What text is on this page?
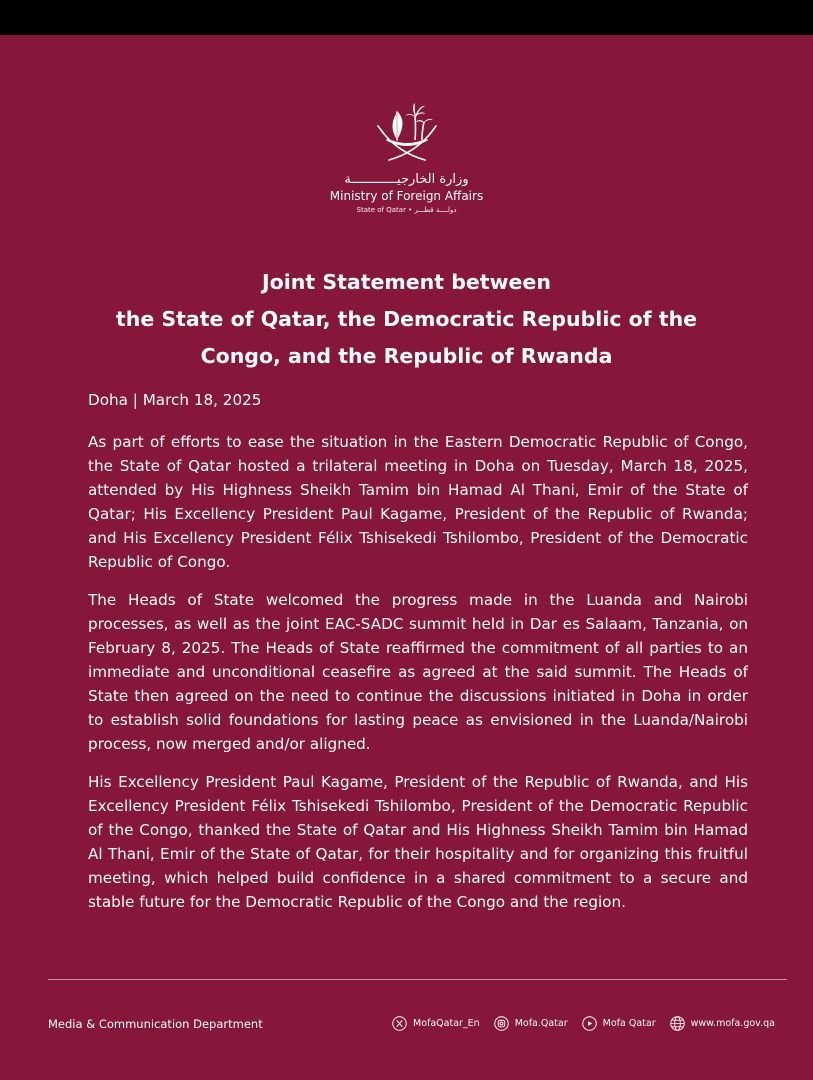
وزارة الخارجيــــــــــــة
Ministry of Foreign Affairs
State of Qatar • دولــــة قطـــر
Joint Statement between
the State of Qatar, the Democratic Republic of the
Congo, and the Republic of Rwanda

Doha | March 18, 2025

As part of efforts to ease the situation in the Eastern Democratic Republic of Congo, the State of Qatar hosted a trilateral meeting in Doha on Tuesday, March 18, 2025, attended by His Highness Sheikh Tamim bin Hamad Al Thani, Emir of the State of Qatar; His Excellency President Paul Kagame, President of the Republic of Rwanda; and His Excellency President Félix Tshisekedi Tshilombo, President of the Democratic Republic of Congo.

The Heads of State welcomed the progress made in the Luanda and Nairobi processes, as well as the joint EAC-SADC summit held in Dar es Salaam, Tanzania, on February 8, 2025. The Heads of State reaffirmed the commitment of all parties to an immediate and unconditional ceasefire as agreed at the said summit. The Heads of State then agreed on the need to continue the discussions initiated in Doha in order to establish solid foundations for lasting peace as envisioned in the Luanda/Nairobi process, now merged and/or aligned.

His Excellency President Paul Kagame, President of the Republic of Rwanda, and His Excellency President Félix Tshisekedi Tshilombo, President of the Democratic Republic of the Congo, thanked the State of Qatar and His Highness Sheikh Tamim bin Hamad Al Thani, Emir of the State of Qatar, for their hospitality and for organizing this fruitful meeting, which helped build confidence in a shared commitment to a secure and stable future for the Democratic Republic of the Congo and the region.

Media & Communication Department	MofaQatar_En	Mofa.Qatar	Mofa Qatar	www.mofa.gov.qa
